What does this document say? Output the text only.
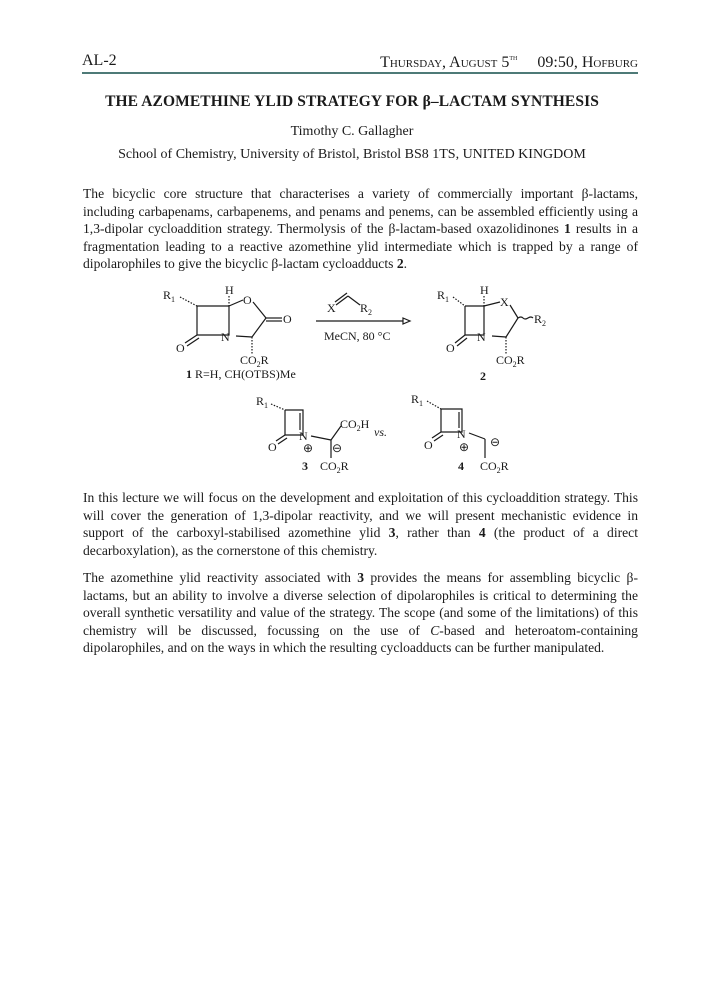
AL-2	Thursday, August 5th 09:50, Hofburg
THE AZOMETHINE YLID STRATEGY FOR β–LACTAM SYNTHESIS
Timothy C. Gallagher
School of Chemistry, University of Bristol, Bristol BS8 1TS, UNITED KINGDOM
The bicyclic core structure that characterises a variety of commercially important β-lactams, including carbapenams, carbapenems, and penams and penems, can be assembled efficiently using a 1,3-dipolar cycloaddition strategy. Thermolysis of the β-lactam-based oxazolidinones 1 results in a fragmentation leading to a reactive azomethine ylid intermediate which is trapped by a range of dipolarophiles to give the bicyclic β-lactam cycloadducts 2.
$R_1$
H
N
O
O
$CO_2R$
O
1 R=H, CH(OTBS)Me
X $R_2$
MeCN, 80 °C
$R_1$
H
N
X
$R_2$
$CO_2R$
O
2
$R_1$
N
⊕
O
$CO_2H$
⊖
$CO_2R$
3
vs.
$R_1$
N
⊕
O	⊖
$CO_2R$
4
In this lecture we will focus on the development and exploitation of this cycloaddition strategy. This will cover the generation of 1,3-dipolar reactivity, and we will present mechanistic evidence in support of the carboxyl-stabilised azomethine ylid 3, rather than 4 (the product of a direct decarboxylation), as the cornerstone of this chemistry.
The azomethine ylid reactivity associated with 3 provides the means for assembling bicyclic β-lactams, but an ability to involve a diverse selection of dipolarophiles is critical to determining the overall synthetic versatility and value of the strategy. The scope (and some of the limitations) of this chemistry will be discussed, focussing on the use of C-based and heteroatom-containing dipolarophiles, and on the ways in which the resulting cycloadducts can be further manipulated.
